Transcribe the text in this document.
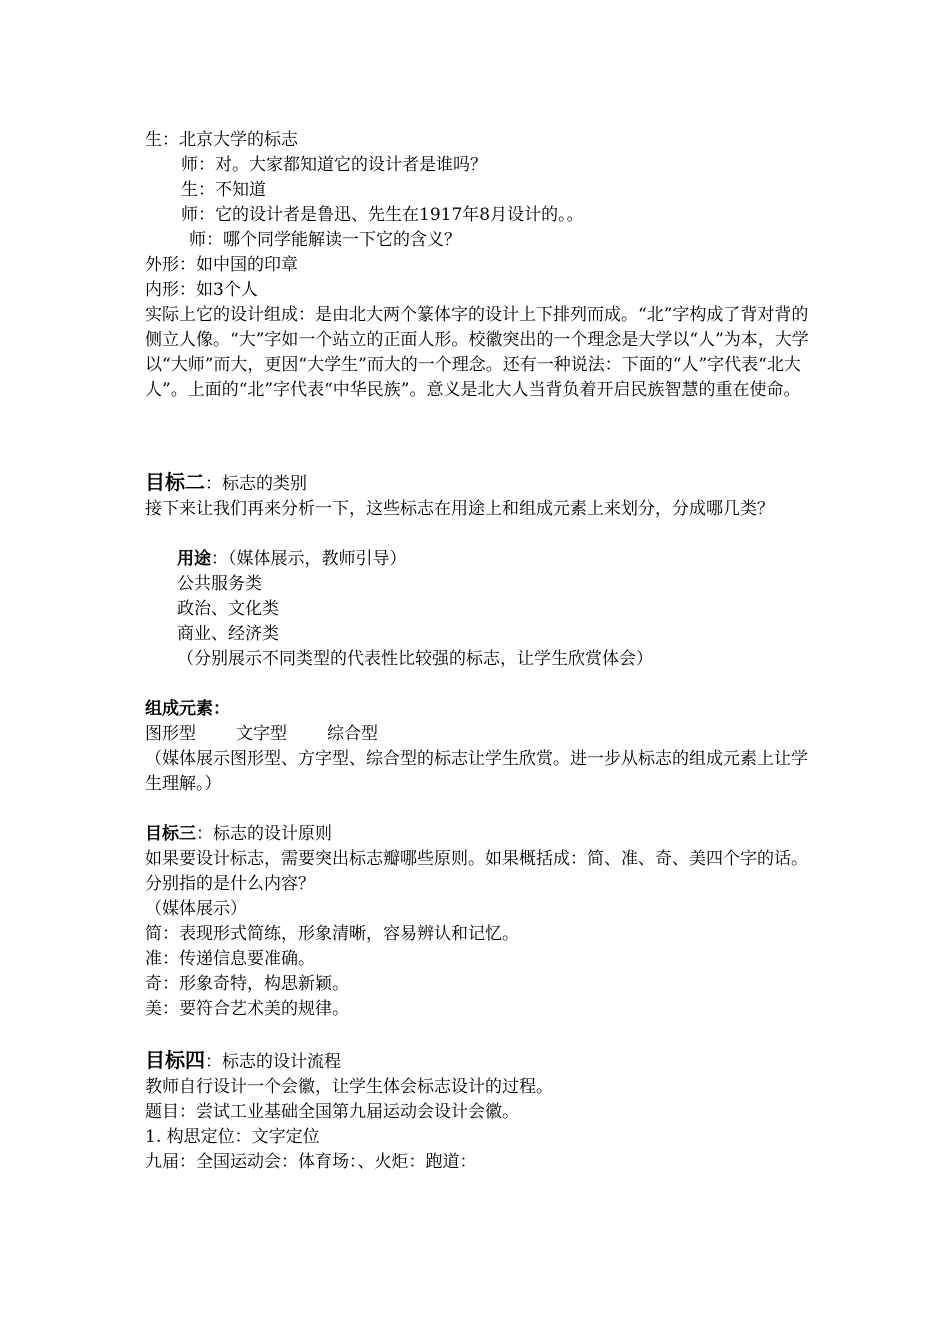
生：北京大学的标志
师：对。大家都知道它的设计者是谁吗？
生：不知道
师：它的设计者是鲁迅、先生在1917年8月设计的。。
师：哪个同学能解读一下它的含义？
外形：如中国的印章
内形：如3个人
实际上它的设计组成：是由北大两个篆体字的设计上下排列而成。“北”字构成了背对背的侧立人像。“大”字如一个站立的正面人形。校徽突出的一个理念是大学以“人”为本，大学以“大师”而大，更因“大学生”而大的一个理念。还有一种说法：下面的“人”字代表“北大人”。上面的“北”字代表“中华民族”。意义是北大人当背负着开启民族智慧的重在使命。
目标二：标志的类别
接下来让我们再来分析一下，这些标志在用途上和组成元素上来划分，分成哪几类？
用途：（媒体展示，教师引导）
公共服务类
政治、文化类
商业、经济类
（分别展示不同类型的代表性比较强的标志，让学生欣赏体会）
组成元素：
图形型 文字型 综合型
（媒体展示图形型、方字型、综合型的标志让学生欣赏。进一步从标志的组成元素上让学生理解。）
目标三：标志的设计原则
如果要设计标志，需要突出标志瓣哪些原则。如果概括成：简、准、奇、美四个字的话。分别指的是什么内容？
（媒体展示）
简：表现形式简练，形象清晰，容易辨认和记忆。
准：传递信息要准确。
奇：形象奇特，构思新颖。
美：要符合艺术美的规律。
目标四：标志的设计流程
教师自行设计一个会徽，让学生体会标志设计的过程。
题目：尝试工业基础全国第九届运动会设计会徽。
1. 构思定位：文字定位
九届：全国运动会：体育场：、火炬：跑道：
